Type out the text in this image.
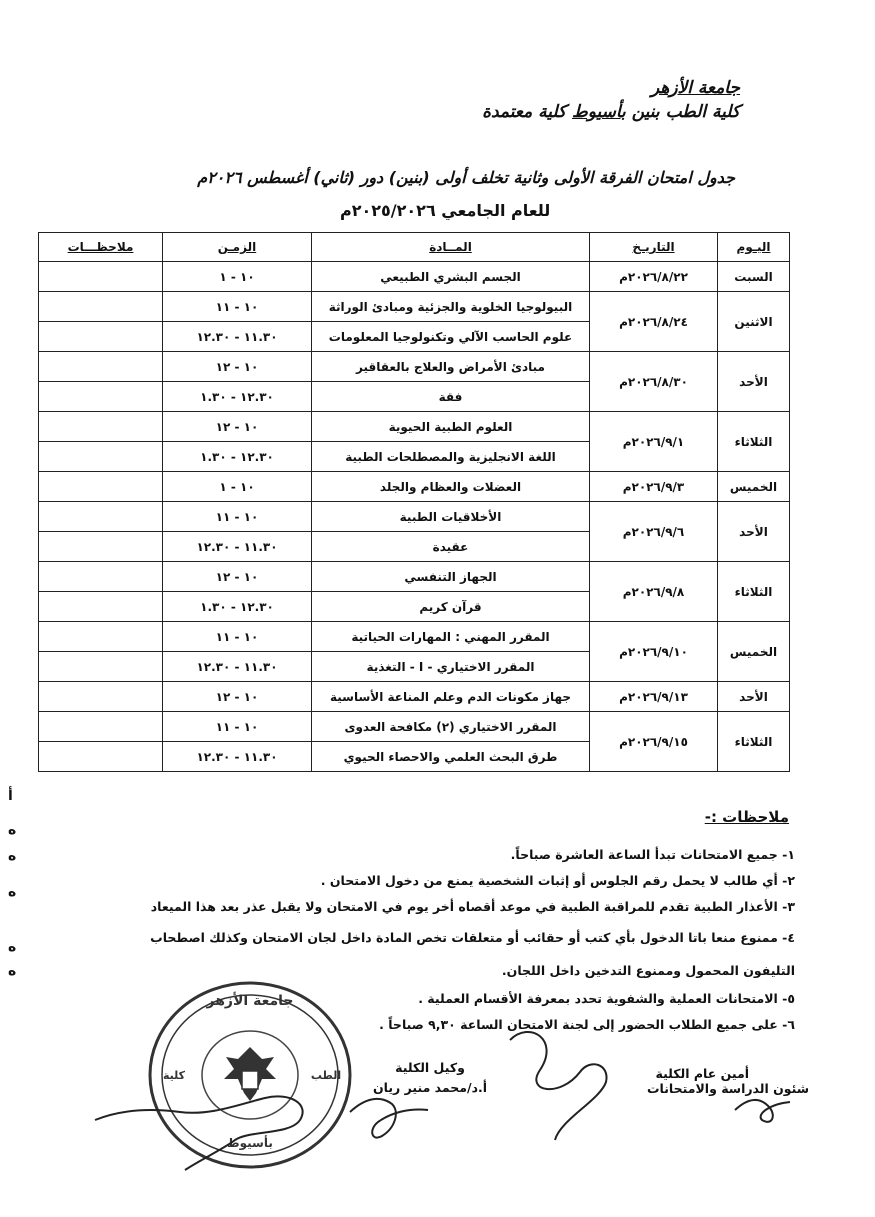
جامعة الأزهر
كلية الطب بنين بأسيوط كلية معتمدة
جدول امتحان الفرقة الأولى وثانية تخلف أولى (بنين) دور (ثاني) أغسطس ٢٠٢٦م
للعام الجامعي ٢٠٢٥/٢٠٢٦م
اليـوم	التاريـخ	المــادة	الزمـن	ملاحظـــات
السبت	٢٠٢٦/٨/٢٢م	الجسم البشري الطبيعي	١٠ - ١	
الاثنين	٢٠٢٦/٨/٢٤م	البيولوجيا الخلوية والجزئية ومبادئ الوراثة	١٠ - ١١	
		علوم الحاسب الآلي وتكنولوجيا المعلومات	١١.٣٠ - ١٢.٣٠	
الأحد	٢٠٢٦/٨/٣٠م	مبادئ الأمراض والعلاج بالعقاقير	١٠ - ١٢	
		فقة	١٢.٣٠ - ١.٣٠	
الثلاثاء	٢٠٢٦/٩/١م	العلوم الطبية الحيوية	١٠ - ١٢	
		اللغة الانجليزية والمصطلحات الطبية	١٢.٣٠ - ١.٣٠	
الخميس	٢٠٢٦/٩/٣م	العضلات والعظام والجلد	١٠ - ١	
الأحد	٢٠٢٦/٩/٦م	الأخلاقيات الطبية	١٠ - ١١	
		عقيدة	١١.٣٠ - ١٢.٣٠	
الثلاثاء	٢٠٢٦/٩/٨م	الجهاز التنفسي	١٠ - ١٢	
		قرآن كريم	١٢.٣٠ - ١.٣٠	
الخميس	٢٠٢٦/٩/١٠م	المقرر المهني : المهارات الحياتية	١٠ - ١١	
		المقرر الاختياري - I - التغذية	١١.٣٠ - ١٢.٣٠	
الأحد	٢٠٢٦/٩/١٣م	جهاز مكونات الدم وعلم المناعة الأساسية	١٠ - ١٢	
الثلاثاء	٢٠٢٦/٩/١٥م	المقرر الاختياري (٢) مكافحة العدوى	١٠ - ١١	
		طرق البحث العلمي والاحصاء الحيوي	١١.٣٠ - ١٢.٣٠	
ملاحظات :-
١- جميع الامتحانات تبدأ الساعة العاشرة صباحاً.
٢- أي طالب لا يحمل رقم الجلوس أو إثبات الشخصية يمنع من دخول الامتحان .
٣- الأعذار الطبية تقدم للمراقبة الطبية في موعد أقصاه أخر يوم في الامتحان ولا يقبل عذر بعد هذا الميعاد
٤- ممنوع منعا باتا الدخول بأي كتب أو حقائب أو متعلقات تخص المادة داخل لجان الامتحان وكذلك اصطحاب
التليفون المحمول وممنوع التدخين داخل اللجان.
٥- الامتحانات العملية والشفوية تحدد بمعرفة الأقسام العملية .
٦- على جميع الطلاب الحضور إلى لجنة الامتحان الساعة ٩,٣٠ صباحاً .
أمين عام الكلية
شئون الدراسة والامتحانات
وكيل الكلية
أ.د/محمد منير ريان
جامعة الأزهر
كلية	الطب
بأسيوط
أ
ه
ه
ه
ه
ه
